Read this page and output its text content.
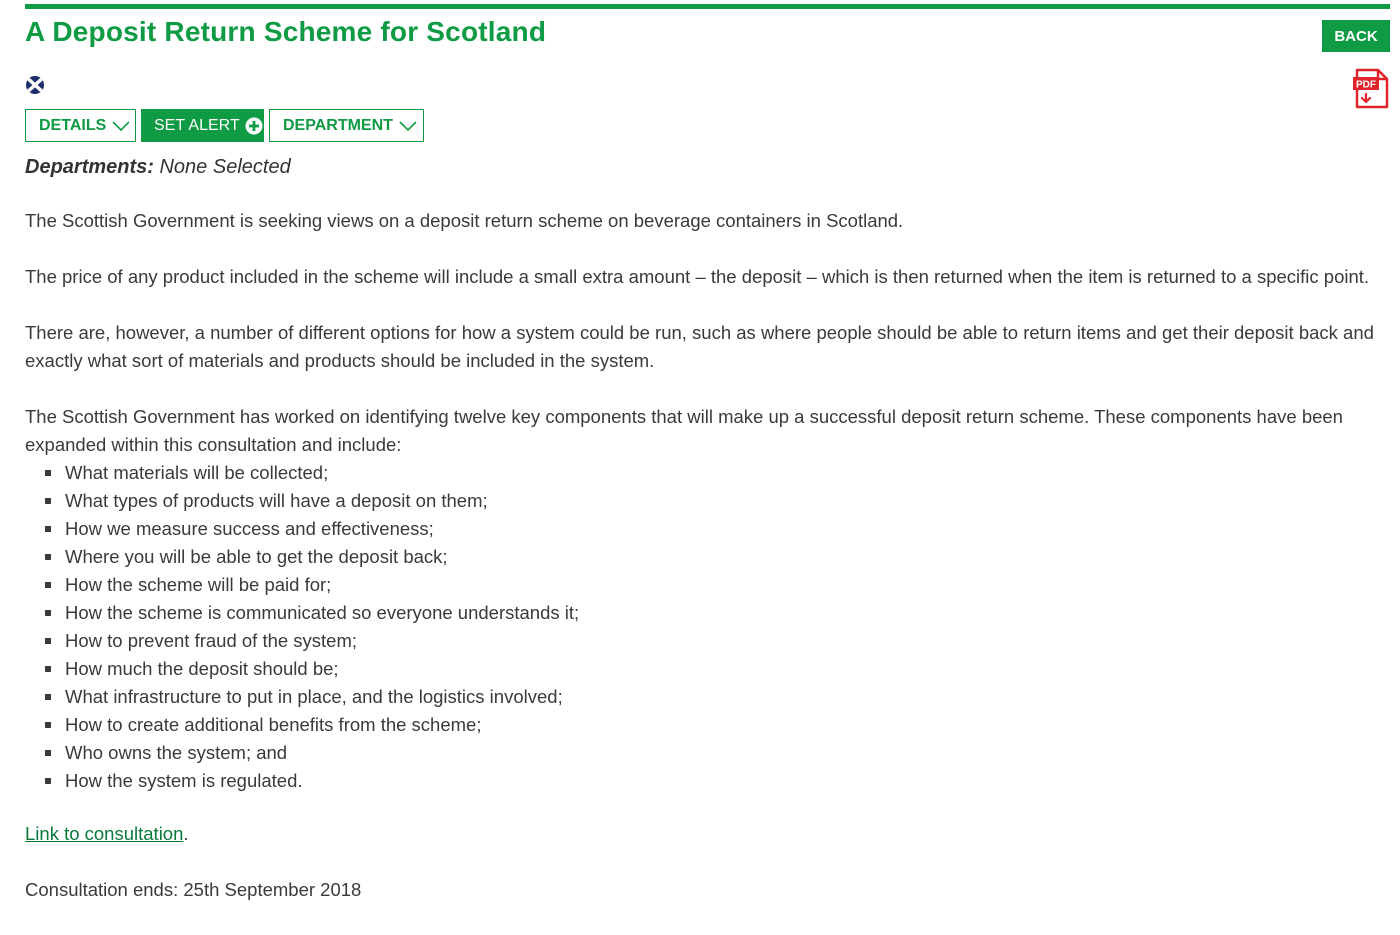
A Deposit Return Scheme for Scotland	BACK
PDF
DETAILS	SET ALERT	DEPARTMENT
Departments: None Selected

The Scottish Government is seeking views on a deposit return scheme on beverage containers in Scotland.

The price of any product included in the scheme will include a small extra amount – the deposit – which is then returned when the item is returned to a specific point.

There are, however, a number of different options for how a system could be run, such as where people should be able to return items and get their deposit back and exactly what sort of materials and products should be included in the system.

The Scottish Government has worked on identifying twelve key components that will make up a successful deposit return scheme. These components have been expanded within this consultation and include:

What materials will be collected;
What types of products will have a deposit on them;
How we measure success and effectiveness;
Where you will be able to get the deposit back;
How the scheme will be paid for;
How the scheme is communicated so everyone understands it;
How to prevent fraud of the system;
How much the deposit should be;
What infrastructure to put in place, and the logistics involved;
How to create additional benefits from the scheme;
Who owns the system; and
How the system is regulated.

Link to consultation.

Consultation ends: 25th September 2018
